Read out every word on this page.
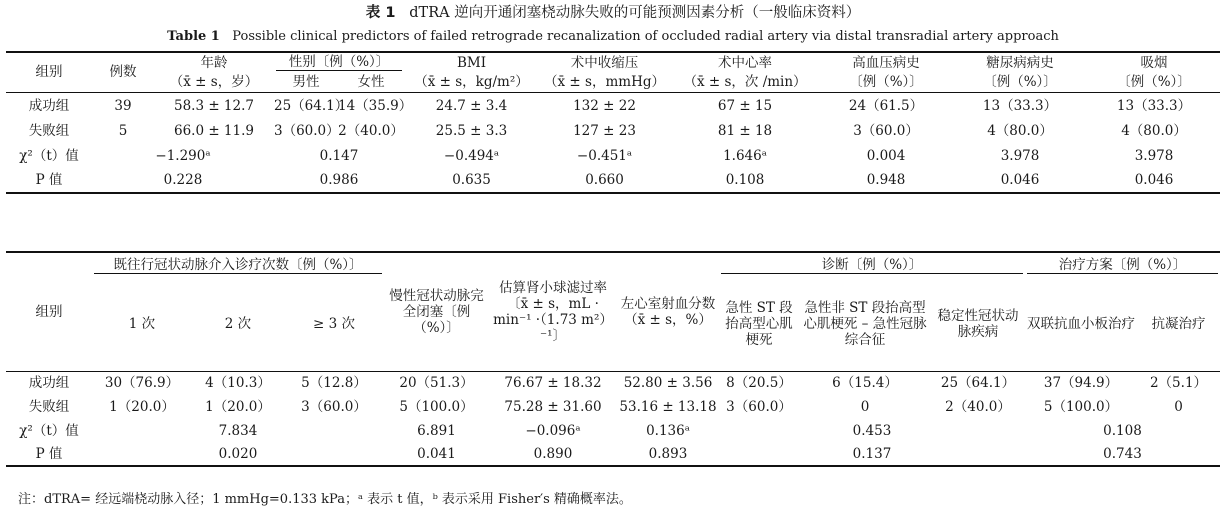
表 1 dTRA 逆向开通闭塞桡动脉失败的可能预测因素分析（一般临床资料）
Table 1 Possible clinical predictors of failed retrograde recanalization of occluded radial artery via distal transradial artery approach
组别	例数	年龄	性别〔例（%）〕		BMI	术中收缩压	术中心率	高血压病史	糖尿病病史	吸烟
		（x̄ ± s，岁）	男性	女性	（x̄ ± s，kg/m²）	（x̄ ± s，mmHg）	（x̄ ± s，次 /min）	〔例（%）〕	〔例（%）〕	〔例（%）〕
成功组	39	58.3 ± 12.7	25（64.1）	14（35.9）	24.7 ± 3.4	132 ± 22	67 ± 15	24（61.5）	13（33.3）	13（33.3）
失败组	5	66.0 ± 11.9	3（60.0）	2（40.0）	25.5 ± 3.3	127 ± 23	81 ± 18	3（60.0）	4（80.0）	4（80.0）
χ²（t）值	−1.290ᵃ		0.147		−0.494ᵃ	−0.451ᵃ	1.646ᵃ	0.004	3.978	3.978
P 值	0.228		0.986		0.635	0.660	0.108	0.948	0.046	0.046
组别	既往行冠状动脉介入诊疗次数〔例（%）〕			慢性冠状动脉完全闭塞〔例（%）〕	估算肾小球滤过率〔x̄ ± s，mL · min⁻¹ ·（1.73 m²）⁻¹〕	左心室射血分数（x̄ ± s，%）	诊断〔例（%）〕			治疗方案〔例（%）〕	

	1 次	2 次	≥ 3 次				急性 ST 段抬高型心肌梗死	急性非 ST 段抬高型心肌梗死 – 急性冠脉综合征	稳定性冠状动脉疾病	双联抗血小板治疗	抗凝治疗
成功组	30（76.9）	4（10.3）	5（12.8）	20（51.3）	76.67 ± 18.32	52.80 ± 3.56	8（20.5）	6（15.4）	25（64.1）	37（94.9）	2（5.1）
失败组	1（20.0）	1（20.0）	3（60.0）	5（100.0）	75.28 ± 31.60	53.16 ± 13.18	3（60.0）	0	2（40.0）	5（100.0）	0
χ²（t）值	7.834			6.891	−0.096ᵃ	0.136ᵃ	0.453			0.108	
P 值	0.020			0.041	0.890	0.893	0.137			0.743	
注：dTRA= 经远端桡动脉入径；1 mmHg=0.133 kPa；ᵃ 表示 t 值，ᵇ 表示采用 Fisher′s 精确概率法。
